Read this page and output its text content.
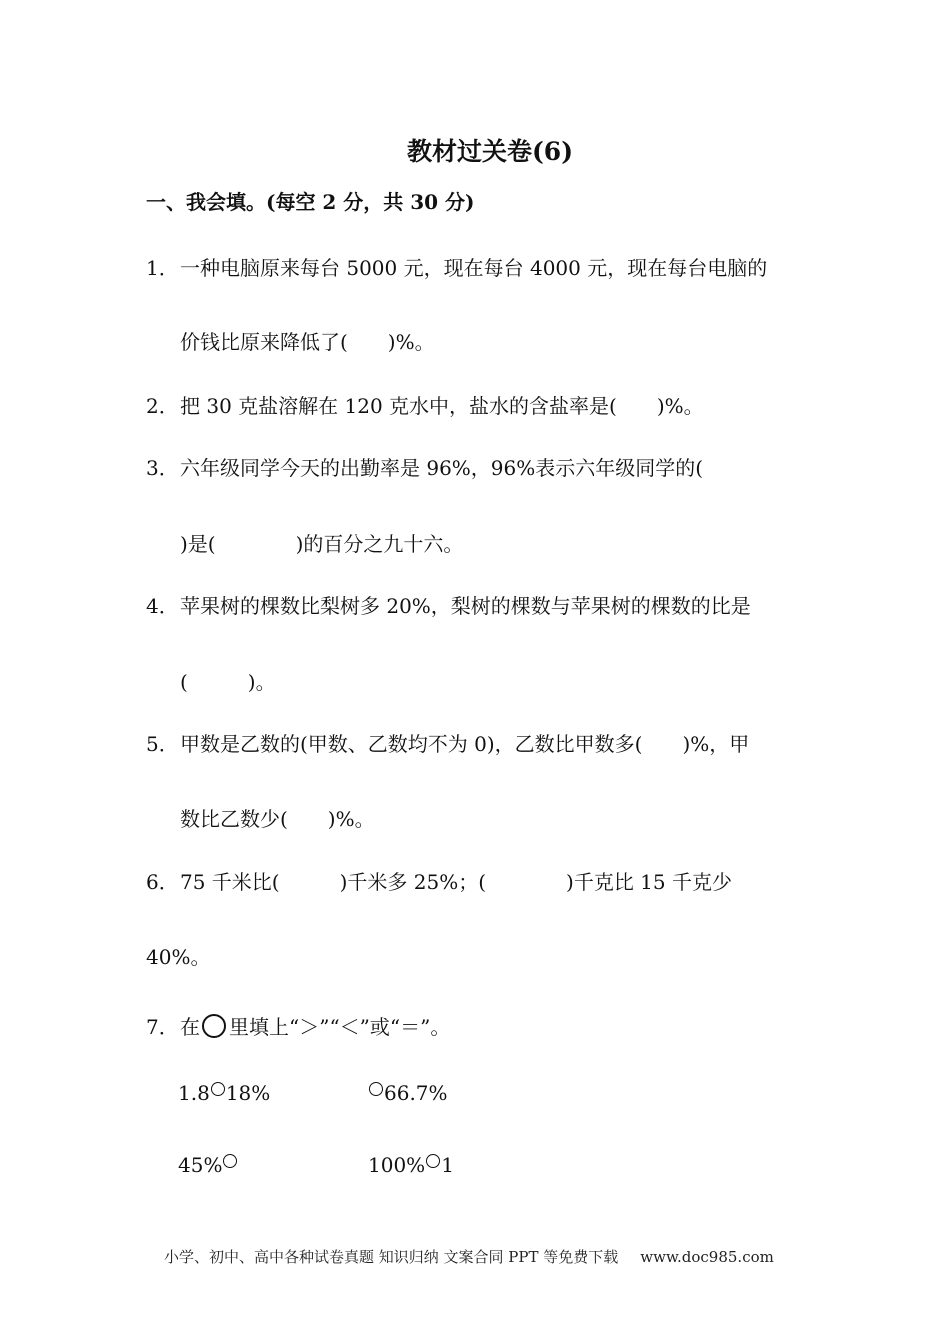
教材过关卷(6)
一、我会填。(每空 2 分，共 30 分)
1．一种电脑原来每台 5000 元，现在每台 4000 元，现在每台电脑的
价钱比原来降低了(　　)%。
2．把 30 克盐溶解在 120 克水中，盐水的含盐率是(　　)%。
3．六年级同学今天的出勤率是 96%，96%表示六年级同学的(
)是(　　　　)的百分之九十六。
4．苹果树的棵数比梨树多 20%，梨树的棵数与苹果树的棵数的比是
(　　　)。
5．甲数是乙数的(甲数、乙数均不为 0)，乙数比甲数多(　　)%，甲
数比乙数少(　　)%。
6．75 千米比(　　　)千米多 25%；(　　　　)千克比 15 千克少
40%。
7．在 里填上“＞”“＜”或“＝”。
1.8 18%	66.7%
45%	100% 1
小学、初中、高中各种试卷真题 知识归纳 文案合同 PPT 等免费下载 www.doc985.com
